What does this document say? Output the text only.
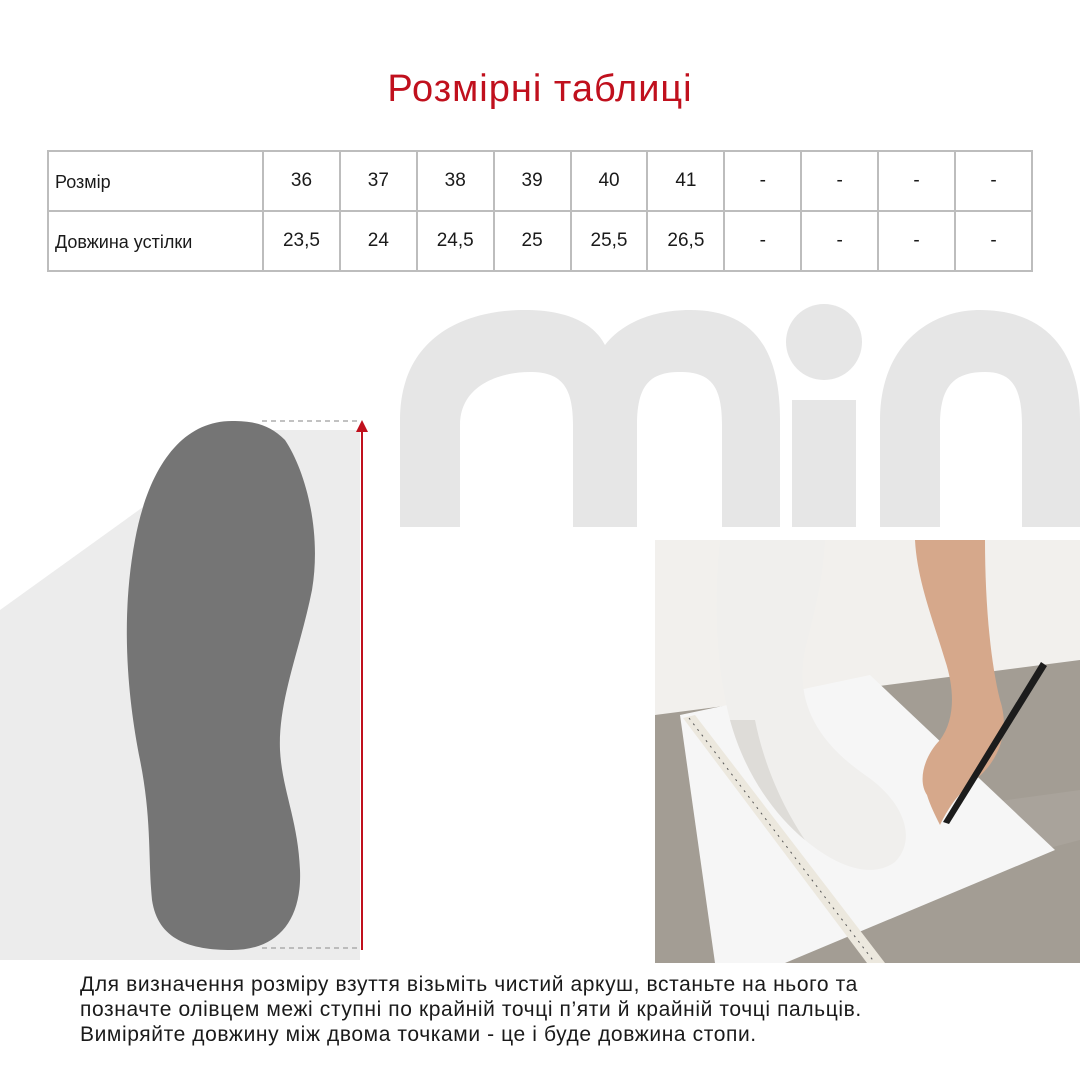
Розмірні таблиці
Розмір	36	37	38	39	40	41	-	-	-	-
Довжина устілки	23,5	24	24,5	25	25,5	26,5	-	-	-	-
Для визначення розміру взуття візьміть чистий аркуш, встаньте на нього та
позначте олівцем межі ступні по крайній точці п’яти й крайній точці пальців.
Виміряйте довжину між двома точками - це і буде довжина стопи.
